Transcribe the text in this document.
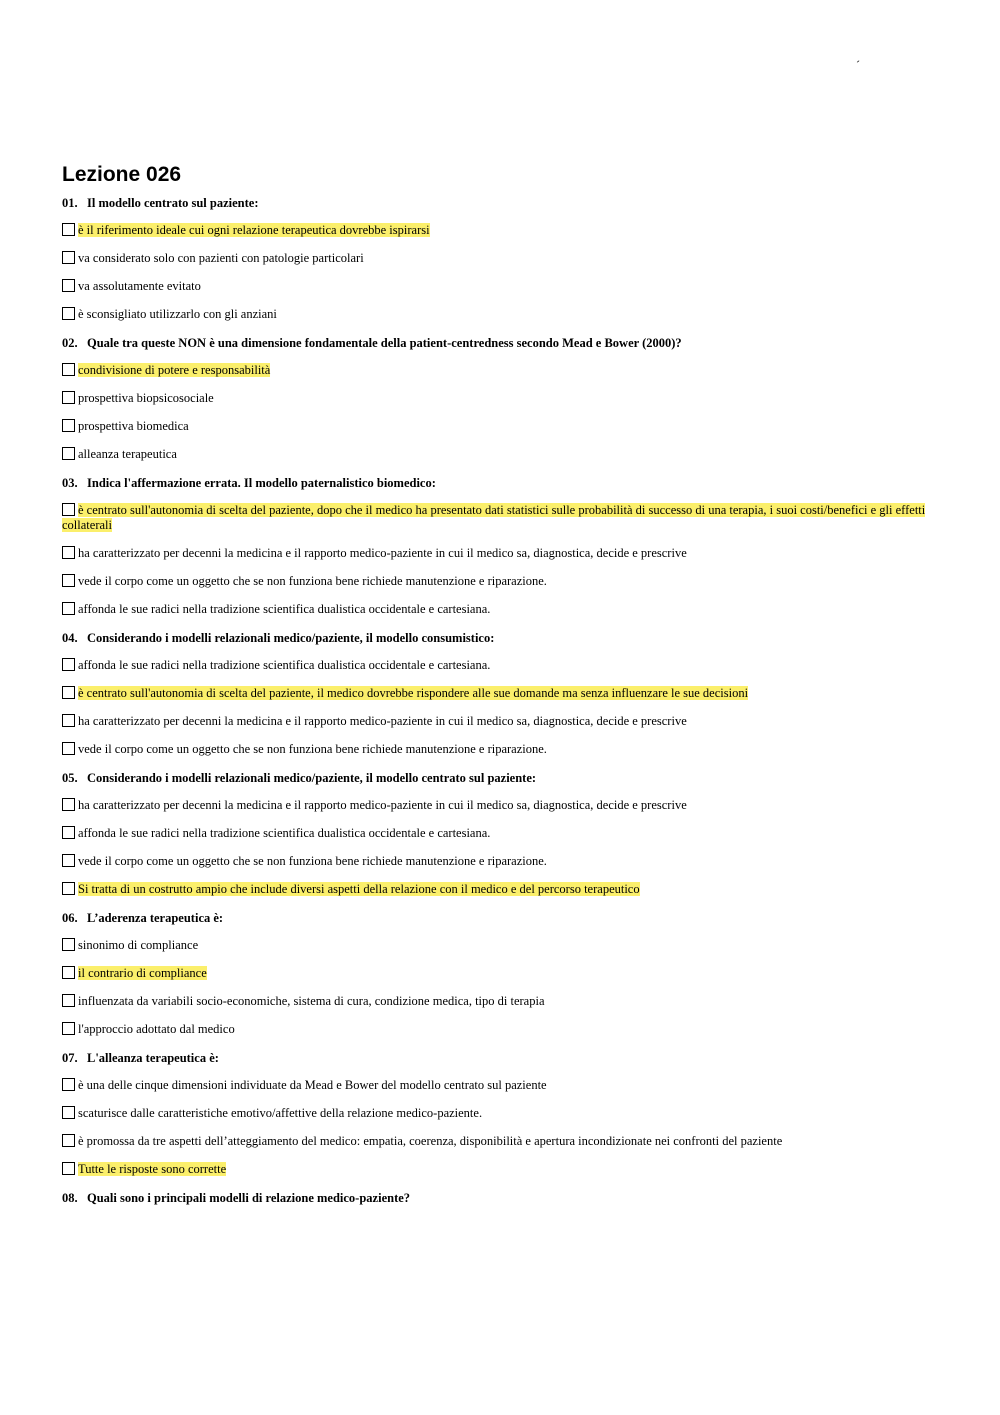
´
Lezione 026
01. Il modello centrato sul paziente:
è il riferimento ideale cui ogni relazione terapeutica dovrebbe ispirarsi
va considerato solo con pazienti con patologie particolari
va assolutamente evitato
è sconsigliato utilizzarlo con gli anziani
02. Quale tra queste NON è una dimensione fondamentale della patient-centredness secondo Mead e Bower (2000)?
condivisione di potere e responsabilità
prospettiva biopsicosociale
prospettiva biomedica
alleanza terapeutica
03. Indica l'affermazione errata. Il modello paternalistico biomedico:
è centrato sull'autonomia di scelta del paziente, dopo che il medico ha presentato dati statistici sulle probabilità di successo di una terapia, i suoi costi/benefici e gli effetti collaterali
ha caratterizzato per decenni la medicina e il rapporto medico-paziente in cui il medico sa, diagnostica, decide e prescrive
vede il corpo come un oggetto che se non funziona bene richiede manutenzione e riparazione.
affonda le sue radici nella tradizione scientifica dualistica occidentale e cartesiana.
04. Considerando i modelli relazionali medico/paziente, il modello consumistico:
affonda le sue radici nella tradizione scientifica dualistica occidentale e cartesiana.
è centrato sull'autonomia di scelta del paziente, il medico dovrebbe rispondere alle sue domande ma senza influenzare le sue decisioni
ha caratterizzato per decenni la medicina e il rapporto medico-paziente in cui il medico sa, diagnostica, decide e prescrive
vede il corpo come un oggetto che se non funziona bene richiede manutenzione e riparazione.
05. Considerando i modelli relazionali medico/paziente, il modello centrato sul paziente:
ha caratterizzato per decenni la medicina e il rapporto medico-paziente in cui il medico sa, diagnostica, decide e prescrive
affonda le sue radici nella tradizione scientifica dualistica occidentale e cartesiana.
vede il corpo come un oggetto che se non funziona bene richiede manutenzione e riparazione.
Si tratta di un costrutto ampio che include diversi aspetti della relazione con il medico e del percorso terapeutico
06. L’aderenza terapeutica è:
sinonimo di compliance
il contrario di compliance
influenzata da variabili socio-economiche, sistema di cura, condizione medica, tipo di terapia
l'approccio adottato dal medico
07. L'alleanza terapeutica è:
è una delle cinque dimensioni individuate da Mead e Bower del modello centrato sul paziente
scaturisce dalle caratteristiche emotivo/affettive della relazione medico-paziente.
è promossa da tre aspetti dell’atteggiamento del medico: empatia, coerenza, disponibilità e apertura incondizionate nei confronti del paziente
Tutte le risposte sono corrette
08. Quali sono i principali modelli di relazione medico-paziente?
